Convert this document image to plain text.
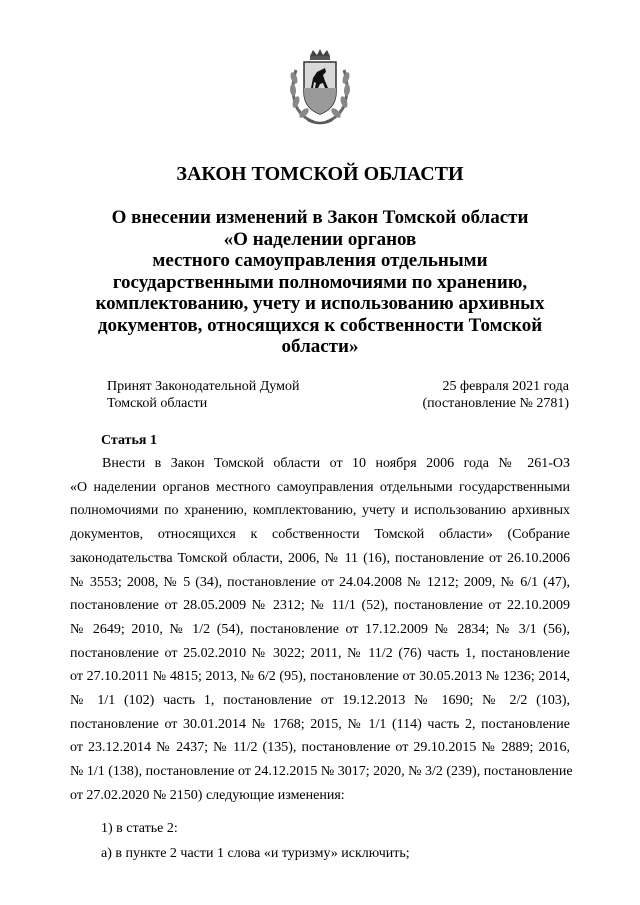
ЗАКОН ТОМСКОЙ ОБЛАСТИ
О внесении изменений в Закон Томской области
«О наделении органов
местного самоуправления отдельными
государственными полномочиями по хранению,
комплектованию, учету и использованию архивных
документов, относящихся к собственности Томской
области»
Принят Законодательной Думой
Томской области
25 февраля 2021 года
(постановление № 2781)
Статья 1
Внести в Закон Томской области от 10 ноября 2006 года № 261-ОЗ
«О наделении органов местного самоуправления отдельными государственными
полномочиями по хранению, комплектованию, учету и использованию архивных
документов, относящихся к собственности Томской области» (Собрание
законодательства Томской области, 2006, № 11 (16), постановление от 26.10.2006
№ 3553; 2008, № 5 (34), постановление от 24.04.2008 № 1212; 2009, № 6/1 (47),
постановление от 28.05.2009 № 2312; № 11/1 (52), постановление от 22.10.2009
№ 2649; 2010, № 1/2 (54), постановление от 17.12.2009 № 2834; № 3/1 (56),
постановление от 25.02.2010 № 3022; 2011, № 11/2 (76) часть 1, постановление
от 27.10.2011 № 4815; 2013, № 6/2 (95), постановление от 30.05.2013 № 1236; 2014,
№ 1/1 (102) часть 1, постановление от 19.12.2013 № 1690; № 2/2 (103),
постановление от 30.01.2014 № 1768; 2015, № 1/1 (114) часть 2, постановление
от 23.12.2014 № 2437; № 11/2 (135), постановление от 29.10.2015 № 2889; 2016,
№ 1/1 (138), постановление от 24.12.2015 № 3017; 2020, № 3/2 (239), постановление
от 27.02.2020 № 2150) следующие изменения:
1) в статье 2:
а) в пункте 2 части 1 слова «и туризму» исключить;
